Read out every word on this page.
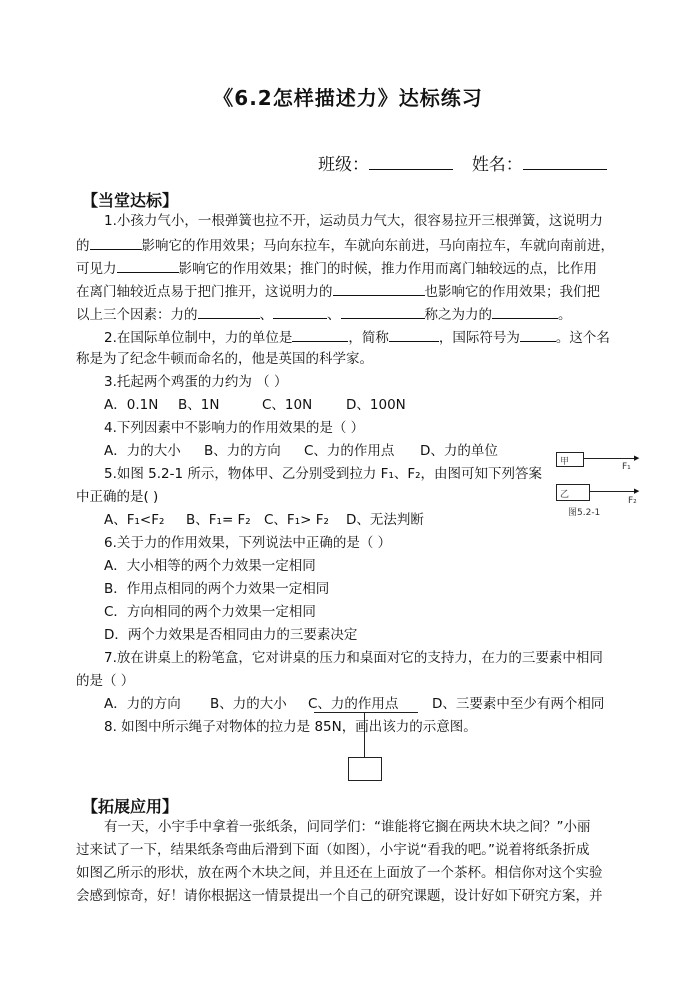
《6.2怎样描述力》达标练习
班级：	姓名：
【当堂达标】
1.小孩力气小，一根弹簧也拉不开，运动员力气大，很容易拉开三根弹簧，这说明力
的	影响它的作用效果；马向东拉车，车就向东前进，马向南拉车，车就向南前进，
可见力	影响它的作用效果；推门的时候，推力作用而离门轴较远的点，比作用
在离门轴较近点易于把门推开，这说明力的	也影响它的作用效果；我们把
以上三个因素：力的	、	、	称之为力的	。
2.在国际单位制中，力的单位是	，简称	，国际符号为	。这个名
称是为了纪念牛顿而命名的，他是英国的科学家。
3.托起两个鸡蛋的力约为 （ ）
A．0.1N B、1N	C、10N	D、100N
4.下列因素中不影响力的作用效果的是（ ）
A．力的大小 B、力的方向 C、力的作用点 D、力的单位
5.如图 5.2-1 所示，物体甲、乙分别受到拉力 F₁、F₂，由图可知下列答案
中正确的是( )
A、F₁<F₂ B、F₁= F₂ C、F₁> F₂ D、无法判断
甲	▶
F₁
乙	▶
F₂
图5.2-1
6.关于力的作用效果，下列说法中正确的是（ ）
A．大小相等的两个力效果一定相同
B．作用点相同的两个力效果一定相同
C．方向相同的两个力效果一定相同
D．两个力效果是否相同由力的三要素决定
7.放在讲桌上的粉笔盒，它对讲桌的压力和桌面对它的支持力，在力的三要素中相同
的是（ ）
A．力的方向 B、力的大小 C、力的作用点 D、三要素中至少有两个相同
8. 如图中所示绳子对物体的拉力是 85N，画出该力的示意图。
【拓展应用】
有一天，小宇手中拿着一张纸条，问同学们：“谁能将它搁在两块木块之间？”小丽
过来试了一下，结果纸条弯曲后滑到下面（如图），小宇说“看我的吧。”说着将纸条折成
如图乙所示的形状，放在两个木块之间，并且还在上面放了一个茶杯。相信你对这个实验
会感到惊奇，好！请你根据这一情景提出一个自己的研究课题，设计好如下研究方案，并
